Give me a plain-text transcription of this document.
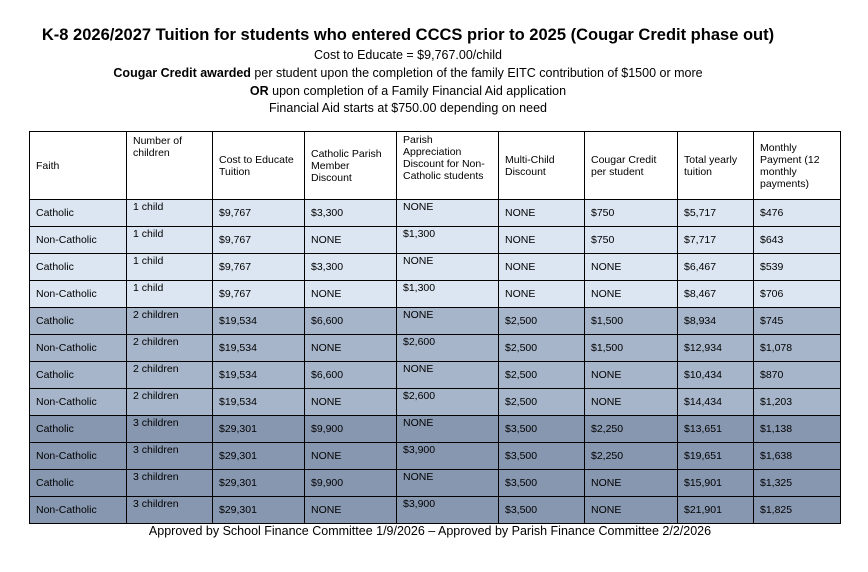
K-8 2026/2027 Tuition for students who entered CCCS prior to 2025 (Cougar Credit phase out)
Cost to Educate = $9,767.00/child
Cougar Credit awarded per student upon the completion of the family EITC contribution of $1500 or more
OR upon completion of a Family Financial Aid application
Financial Aid starts at $750.00 depending on need
Faith	Number of children	Cost to Educate Tuition	Catholic Parish Member Discount	Parish Appreciation Discount for Non-Catholic students	Multi-Child Discount	Cougar Credit per student	Total yearly tuition	Monthly Payment (12 monthly payments)
Catholic	1 child	$9,767	$3,300	NONE	NONE	$750	$5,717	$476
Non-Catholic	1 child	$9,767	NONE	$1,300	NONE	$750	$7,717	$643
Catholic	1 child	$9,767	$3,300	NONE	NONE	NONE	$6,467	$539
Non-Catholic	1 child	$9,767	NONE	$1,300	NONE	NONE	$8,467	$706
Catholic	2 children	$19,534	$6,600	NONE	$2,500	$1,500	$8,934	$745
Non-Catholic	2 children	$19,534	NONE	$2,600	$2,500	$1,500	$12,934	$1,078
Catholic	2 children	$19,534	$6,600	NONE	$2,500	NONE	$10,434	$870
Non-Catholic	2 children	$19,534	NONE	$2,600	$2,500	NONE	$14,434	$1,203
Catholic	3 children	$29,301	$9,900	NONE	$3,500	$2,250	$13,651	$1,138
Non-Catholic	3 children	$29,301	NONE	$3,900	$3,500	$2,250	$19,651	$1,638
Catholic	3 children	$29,301	$9,900	NONE	$3,500	NONE	$15,901	$1,325
Non-Catholic	3 children	$29,301	NONE	$3,900	$3,500	NONE	$21,901	$1,825
Approved by School Finance Committee 1/9/2026 – Approved by Parish Finance Committee 2/2/2026
